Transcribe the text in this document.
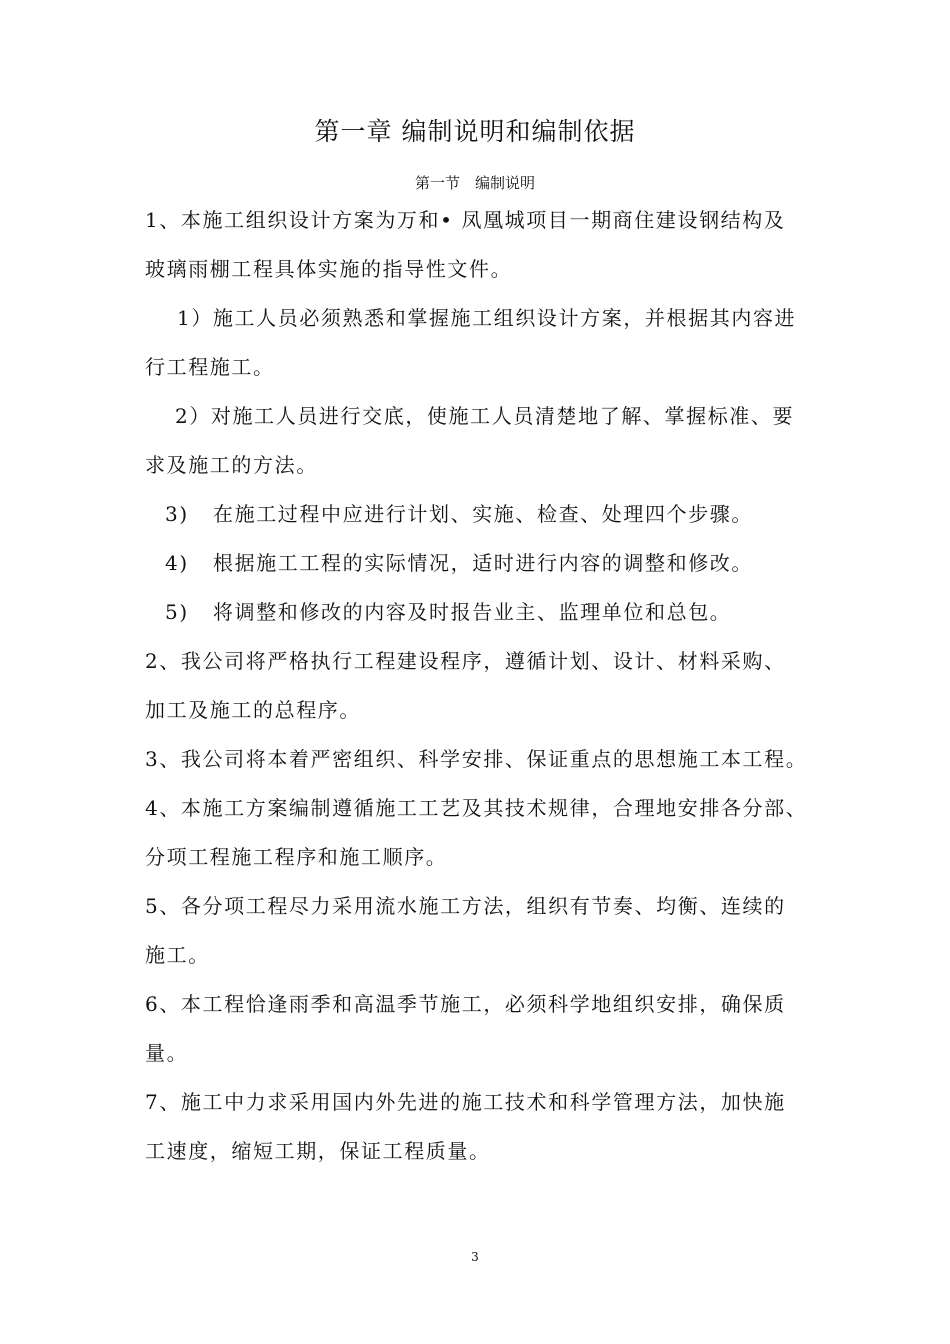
第一章 编制说明和编制依据
第一节　编制说明
1、本施工组织设计方案为万和• 凤凰城项目一期商住建设钢结构及
玻璃雨棚工程具体实施的指导性文件。
1）施工人员必须熟悉和掌握施工组织设计方案，并根据其内容进
行工程施工。
2）对施工人员进行交底，使施工人员清楚地了解、掌握标准、要
求及施工的方法。
3) 在施工过程中应进行计划、实施、检查、处理四个步骤。
4) 根据施工工程的实际情况，适时进行内容的调整和修改。
5) 将调整和修改的内容及时报告业主、监理单位和总包。
2、我公司将严格执行工程建设程序，遵循计划、设计、材料采购、
加工及施工的总程序。
3、我公司将本着严密组织、科学安排、保证重点的思想施工本工程。
4、本施工方案编制遵循施工工艺及其技术规律，合理地安排各分部、
分项工程施工程序和施工顺序。
5、各分项工程尽力采用流水施工方法，组织有节奏、均衡、连续的
施工。
6、本工程恰逢雨季和高温季节施工，必须科学地组织安排，确保质
量。
7、施工中力求采用国内外先进的施工技术和科学管理方法，加快施
工速度，缩短工期，保证工程质量。
3
